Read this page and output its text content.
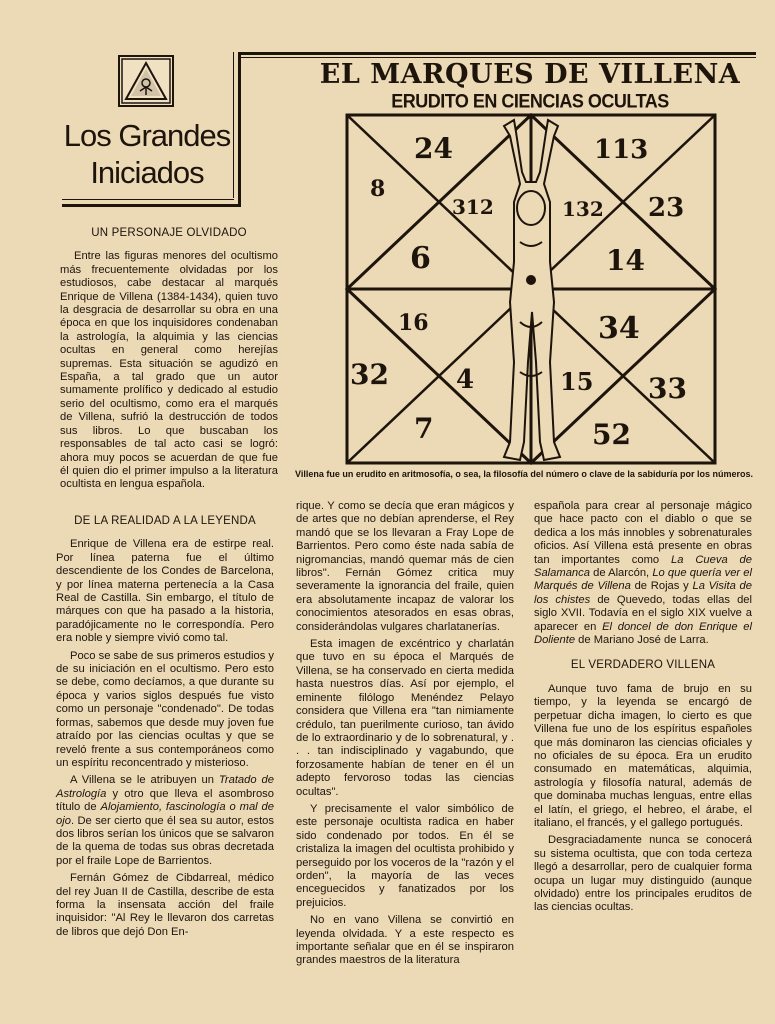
Los Grandes
Iniciados
EL MARQUES DE VILLENA
ERUDITO EN CIENCIAS OCULTAS
24	113
8
312	132 23
6	14
16	34
32	4	15 33
7	52
Villena fue un erudito en aritmosofía, o sea, la filosofía del número o clave de la sabiduría por los números.
UN PERSONAJE OLVIDADO

Entre las figuras menores del ocultismo más frecuentemente olvidadas por los estudiosos, cabe destacar al marqués Enrique de Villena (1384-1434), quien tuvo la desgracia de desarrollar su obra en una época en que los inquisidores condenaban la astrología, la alquimia y las ciencias ocultas en general como herejías supremas. Esta situación se agudizó en España, a tal grado que un autor sumamente prolífico y dedicado al estudio serio del ocultismo, como era el marqués de Villena, sufrió la destrucción de todos sus libros. Lo que buscaban los responsables de tal acto casi se logró: ahora muy pocos se acuerdan de que fue él quien dio el primer impulso a la literatura ocultista en lengua española.

DE LA REALIDAD A LA LEYENDA

Enrique de Villena era de estirpe real. Por línea paterna fue el último descendiente de los Condes de Barcelona, y por línea materna pertenecía a la Casa Real de Castilla. Sin embargo, el título de márques con que ha pasado a la historia, paradójicamente no le correspondía. Pero era noble y siempre vivió como tal.

Poco se sabe de sus primeros estudios y de su iniciación en el ocultismo. Pero esto se debe, como decíamos, a que durante su época y varios siglos después fue visto como un personaje "condenado". De todas formas, sabemos que desde muy joven fue atraído por las ciencias ocultas y que se reveló frente a sus contemporáneos como un espíritu reconcentrado y misterioso.

A Villena se le atribuyen un Tratado de Astrología y otro que lleva el asombroso título de Alojamiento, fascinología o mal de ojo. De ser cierto que él sea su autor, estos dos libros serían los únicos que se salvaron de la quema de todas sus obras decretada por el fraile Lope de Barrientos.

Fernán Gómez de Cibdarreal, médico del rey Juan II de Castilla, describe de esta forma la insensata acción del fraile inquisidor: "Al Rey le llevaron dos carretas de libros que dejó Don En-

rique. Y como se decía que eran mágicos y de artes que no debían aprenderse, el Rey mandó que se los llevaran a Fray Lope de Barrientos. Pero como éste nada sabía de nigromancias, mandó quemar más de cien libros". Fernán Gómez critica muy severamente la ignorancia del fraile, quien era absolutamente incapaz de valorar los conocimientos atesorados en esas obras, considerándolas vulgares charlatanerías.

Esta imagen de excéntrico y charlatán que tuvo en su época el Marqués de Villena, se ha conservado en cierta medida hasta nuestros días. Así por ejemplo, el eminente filólogo Menéndez Pelayo considera que Villena era "tan nimiamente crédulo, tan puerilmente curioso, tan ávido de lo extraordinario y de lo sobrenatural, y . . . tan indisciplinado y vagabundo, que forzosamente habían de tener en él un adepto fervoroso todas las ciencias ocultas".

Y precisamente el valor simbólico de este personaje ocultista radica en haber sido condenado por todos. En él se cristaliza la imagen del ocultista prohibido y perseguido por los voceros de la "razón y el orden", la mayoría de las veces enceguecidos y fanatizados por los prejuicios.

No en vano Villena se convirtió en leyenda olvidada. Y a este respecto es importante señalar que en él se inspiraron grandes maestros de la literatura

española para crear al personaje mágico que hace pacto con el diablo o que se dedica a los más innobles y sobrenaturales oficios. Así Villena está presente en obras tan importantes como La Cueva de Salamanca de Alarcón, Lo que quería ver el Marqués de Villena de Rojas y La Visita de los chistes de Quevedo, todas ellas del siglo XVII. Todavía en el siglo XIX vuelve a aparecer en El doncel de don Enrique el Doliente de Mariano José de Larra.

EL VERDADERO VILLENA

Aunque tuvo fama de brujo en su tiempo, y la leyenda se encargó de perpetuar dicha imagen, lo cierto es que Villena fue uno de los espíritus españoles que más dominaron las ciencias oficiales y no oficiales de su época. Era un erudito consumado en matemáticas, alquimia, astrología y filosofía natural, además de que dominaba muchas lenguas, entre ellas el latín, el griego, el hebreo, el árabe, el italiano, el francés, y el gallego portugués.

Desgraciadamente nunca se conocerá su sistema ocultista, que con toda certeza llegó a desarrollar, pero de cualquier forma ocupa un lugar muy distinguido (aunque olvidado) entre los principales eruditos de las ciencias ocultas.
